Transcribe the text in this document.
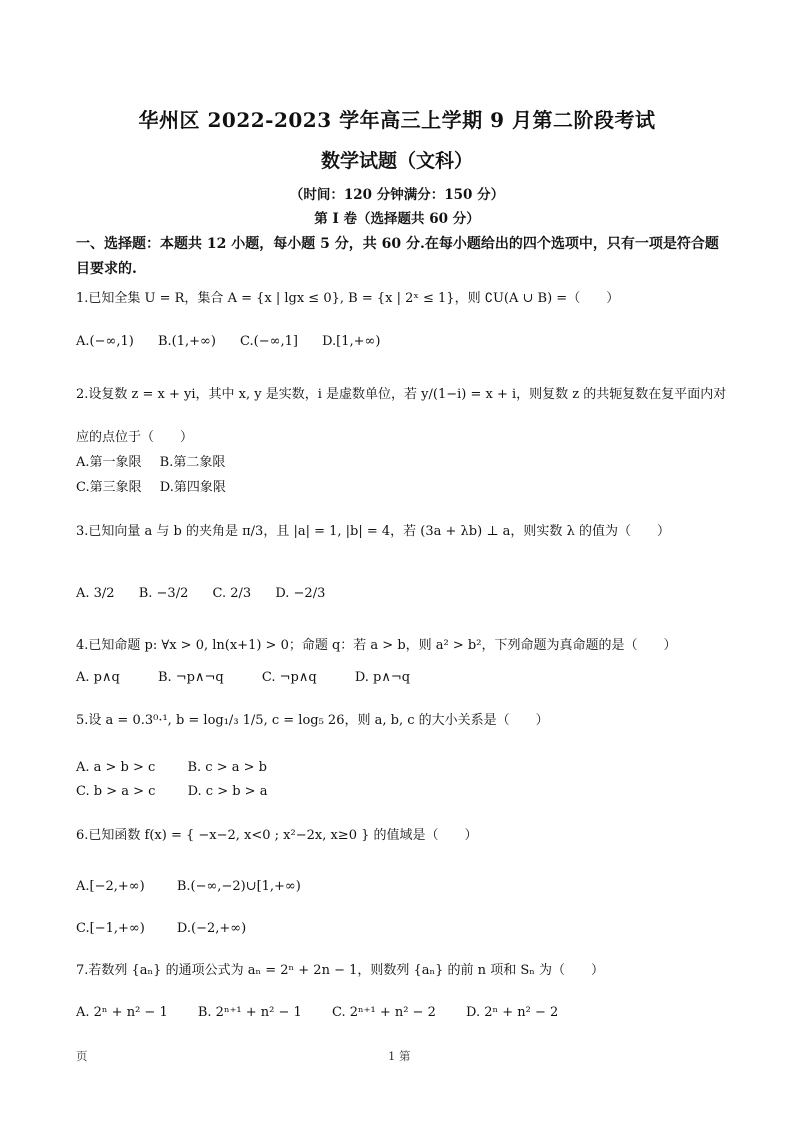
华州区 2022-2023 学年高三上学期 9 月第二阶段考试
数学试题（文科）
（时间：120 分钟满分：150 分）
第 I 卷（选择题共 60 分）
一、选择题：本题共 12 小题，每小题 5 分，共 60 分.在每小题给出的四个选项中，只有一项是符合题目要求的.
1.已知全集 U = R，集合 A = {x | lgx ≤ 0}, B = {x | 2ˣ ≤ 1}，则 ∁U(A ∪ B) =（　　）
A.(−∞,1) B.(1,+∞) C.(−∞,1] D.[1,+∞)
2.设复数 z = x + yi，其中 x, y 是实数，i 是虚数单位，若 y/(1−i) = x + i，则复数 z 的共轭复数在复平面内对
应的点位于（　　）
A.第一象限 B.第二象限
C.第三象限 D.第四象限
3.已知向量 a 与 b 的夹角是 π/3，且 |a| = 1, |b| = 4，若 (3a + λb) ⊥ a，则实数 λ 的值为（　　）
A. 3/2 B. −3/2 C. 2/3 D. −2/3
4.已知命题 p: ∀x > 0, ln(x+1) > 0；命题 q：若 a > b，则 a² > b²，下列命题为真命题的是（　　）
A. p∧q	B. ¬p∧¬q	C. ¬p∧q	D. p∧¬q
5.设 a = 0.3⁰·¹, b = log₁/₃ 1/5, c = log₅ 26，则 a, b, c 的大小关系是（　　）
A. a > b > c B. c > a > b
C. b > a > c D. c > b > a
6.已知函数 f(x) = { −x−2, x<0 ; x²−2x, x≥0 } 的值域是（　　）
A.[−2,+∞) B.(−∞,−2)∪[1,+∞)
C.[−1,+∞) D.(−2,+∞)
7.若数列 {aₙ} 的通项公式为 aₙ = 2ⁿ + 2n − 1，则数列 {aₙ} 的前 n 项和 Sₙ 为（　　）
A. 2ⁿ + n² − 1 B. 2ⁿ⁺¹ + n² − 1 C. 2ⁿ⁺¹ + n² − 2 D. 2ⁿ + n² − 2
页	1 第
